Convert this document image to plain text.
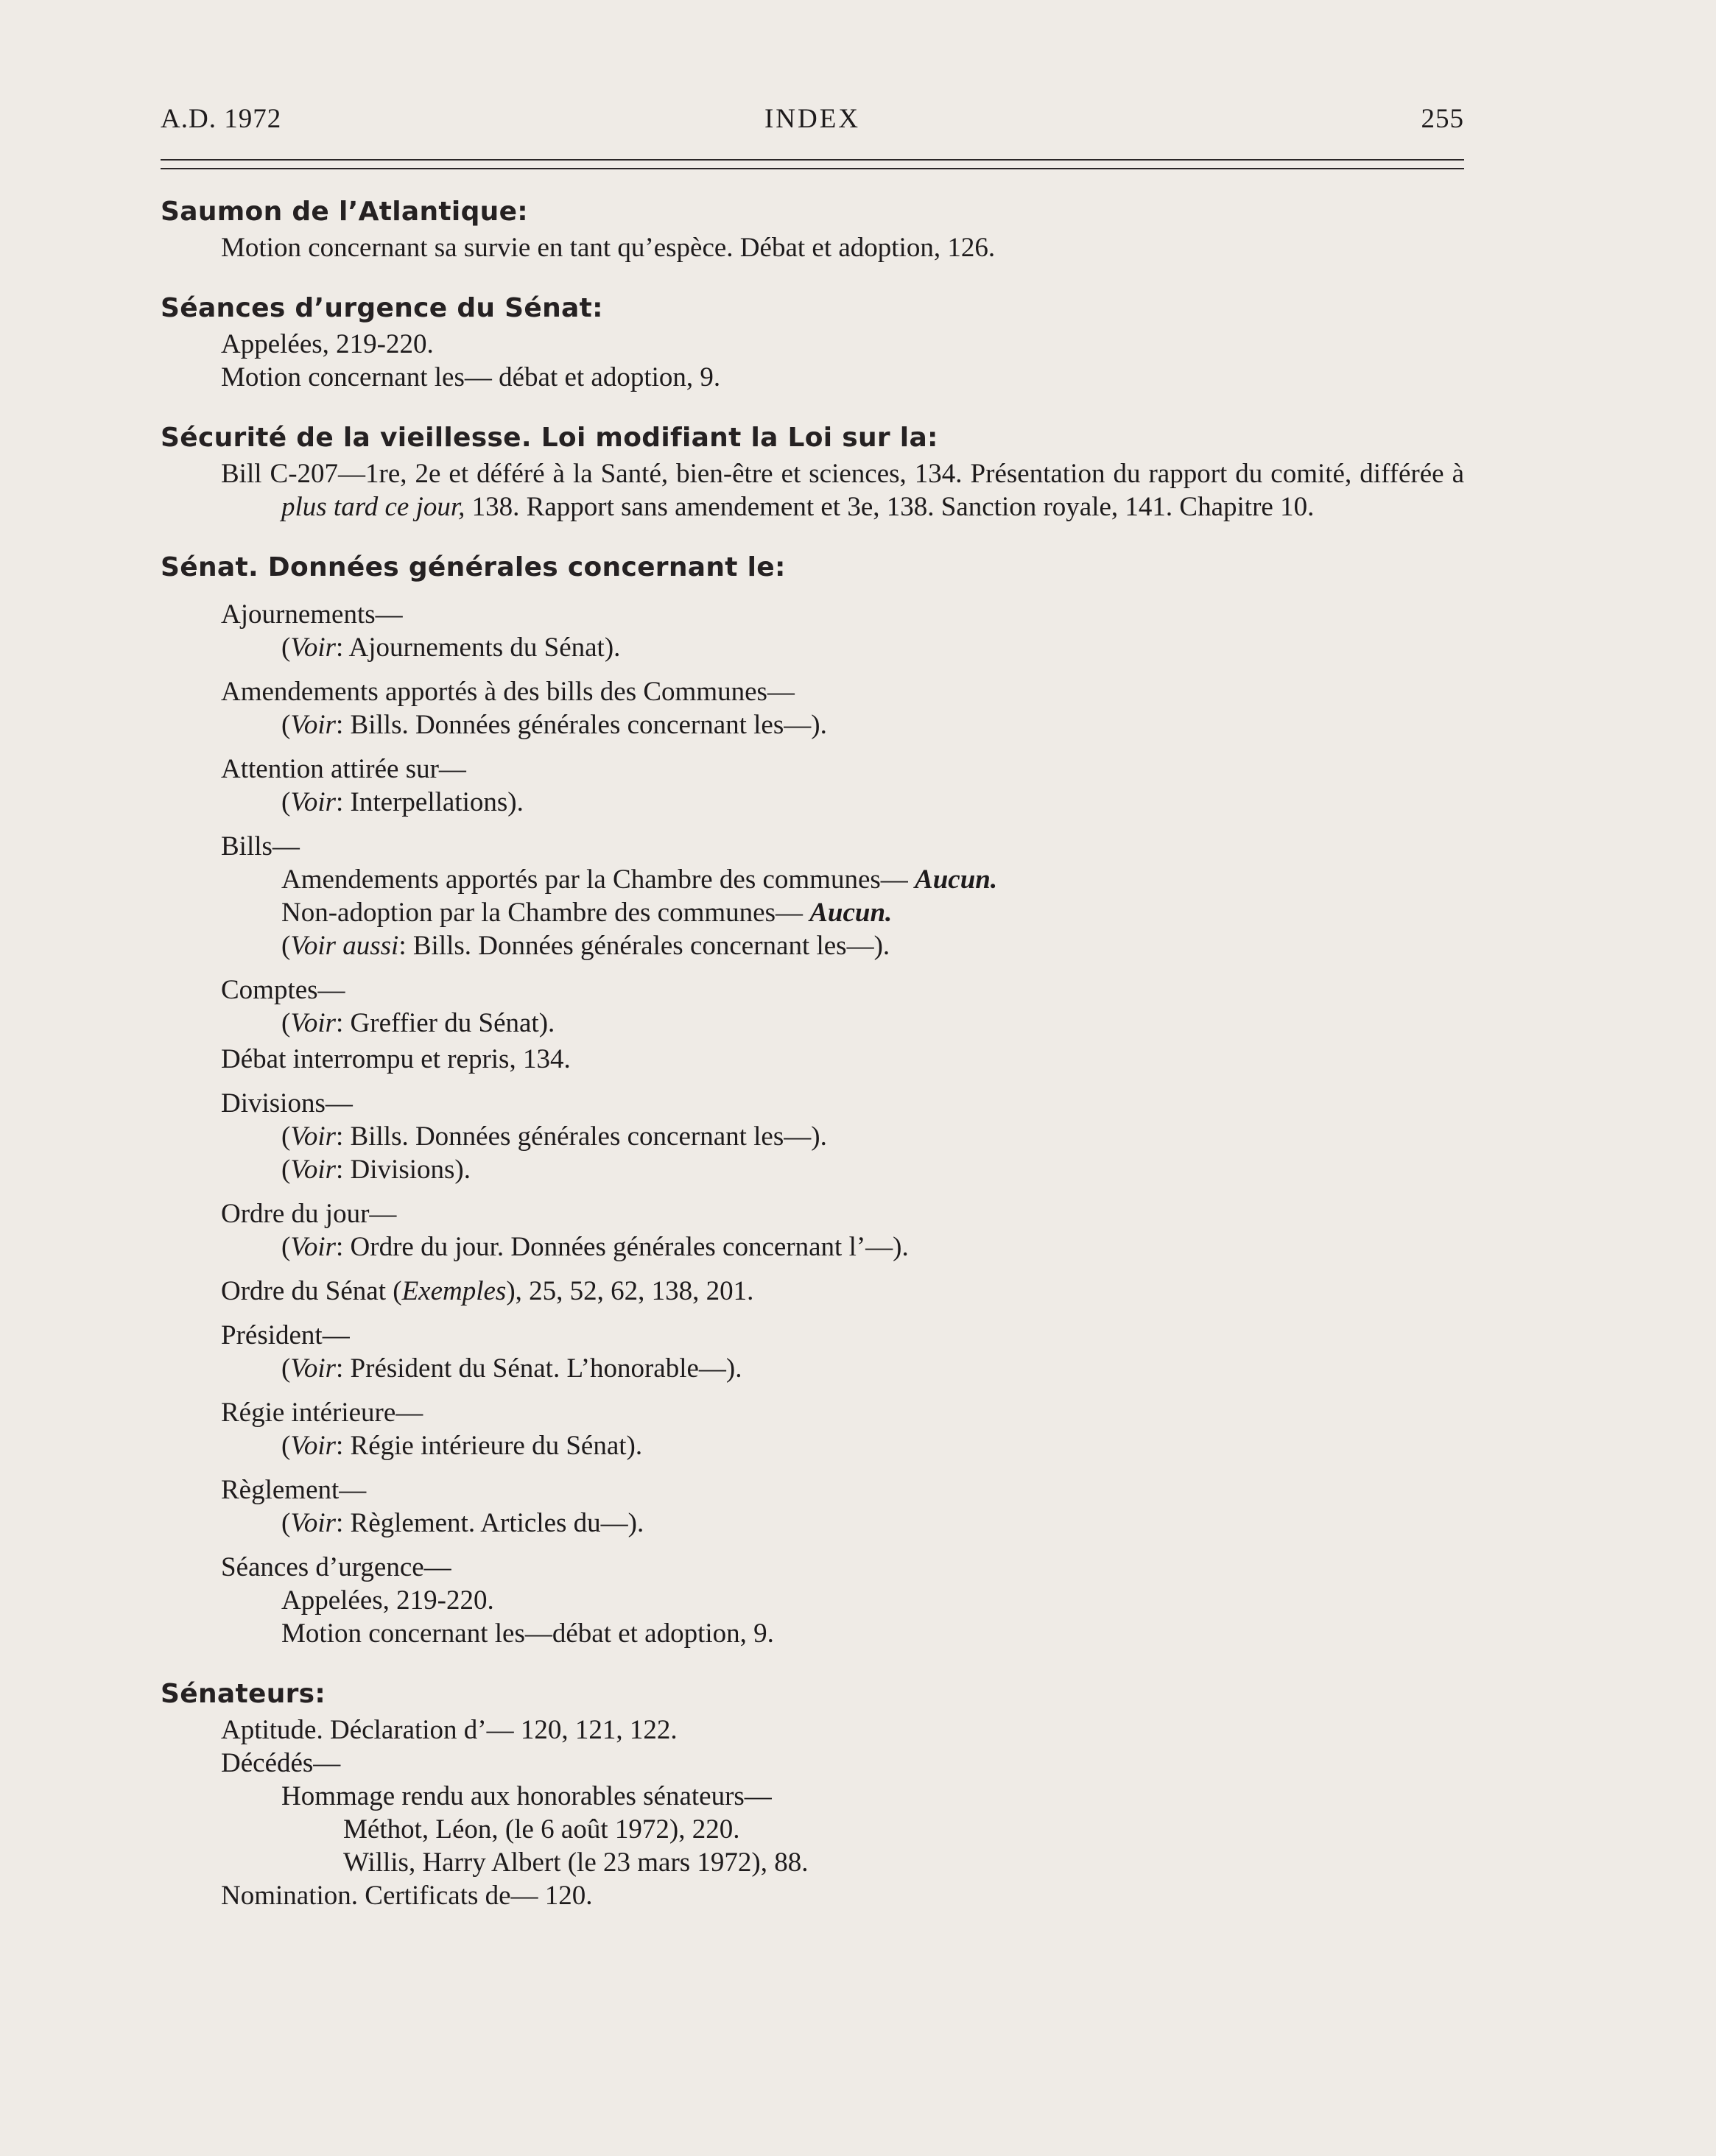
A.D. 1972	INDEX	255
Saumon de l’Atlantique:
Motion concernant sa survie en tant qu’espèce. Débat et adoption, 126.
Séances d’urgence du Sénat:
Appelées, 219-220.
Motion concernant les— débat et adoption, 9.
Sécurité de la vieillesse. Loi modifiant la Loi sur la:
Bill C-207—1re, 2e et déféré à la Santé, bien-être et sciences, 134. Présentation du rapport du comité, différée à plus tard ce jour, 138. Rapport sans amendement et 3e, 138. Sanction royale, 141. Chapitre 10.
Sénat. Données générales concernant le:
Ajournements—
(Voir: Ajournements du Sénat).
Amendements apportés à des bills des Communes—
(Voir: Bills. Données générales concernant les—).
Attention attirée sur—
(Voir: Interpellations).
Bills—
Amendements apportés par la Chambre des communes— Aucun.
Non-adoption par la Chambre des communes— Aucun.
(Voir aussi: Bills. Données générales concernant les—).
Comptes—
(Voir: Greffier du Sénat).
Débat interrompu et repris, 134.
Divisions—
(Voir: Bills. Données générales concernant les—).
(Voir: Divisions).
Ordre du jour—
(Voir: Ordre du jour. Données générales concernant l’—).
Ordre du Sénat (Exemples), 25, 52, 62, 138, 201.
Président—
(Voir: Président du Sénat. L’honorable—).
Régie intérieure—
(Voir: Régie intérieure du Sénat).
Règlement—
(Voir: Règlement. Articles du—).
Séances d’urgence—
Appelées, 219-220.
Motion concernant les—débat et adoption, 9.
Sénateurs:
Aptitude. Déclaration d’— 120, 121, 122.
Décédés—
Hommage rendu aux honorables sénateurs—
Méthot, Léon, (le 6 août 1972), 220.
Willis, Harry Albert (le 23 mars 1972), 88.
Nomination. Certificats de— 120.
